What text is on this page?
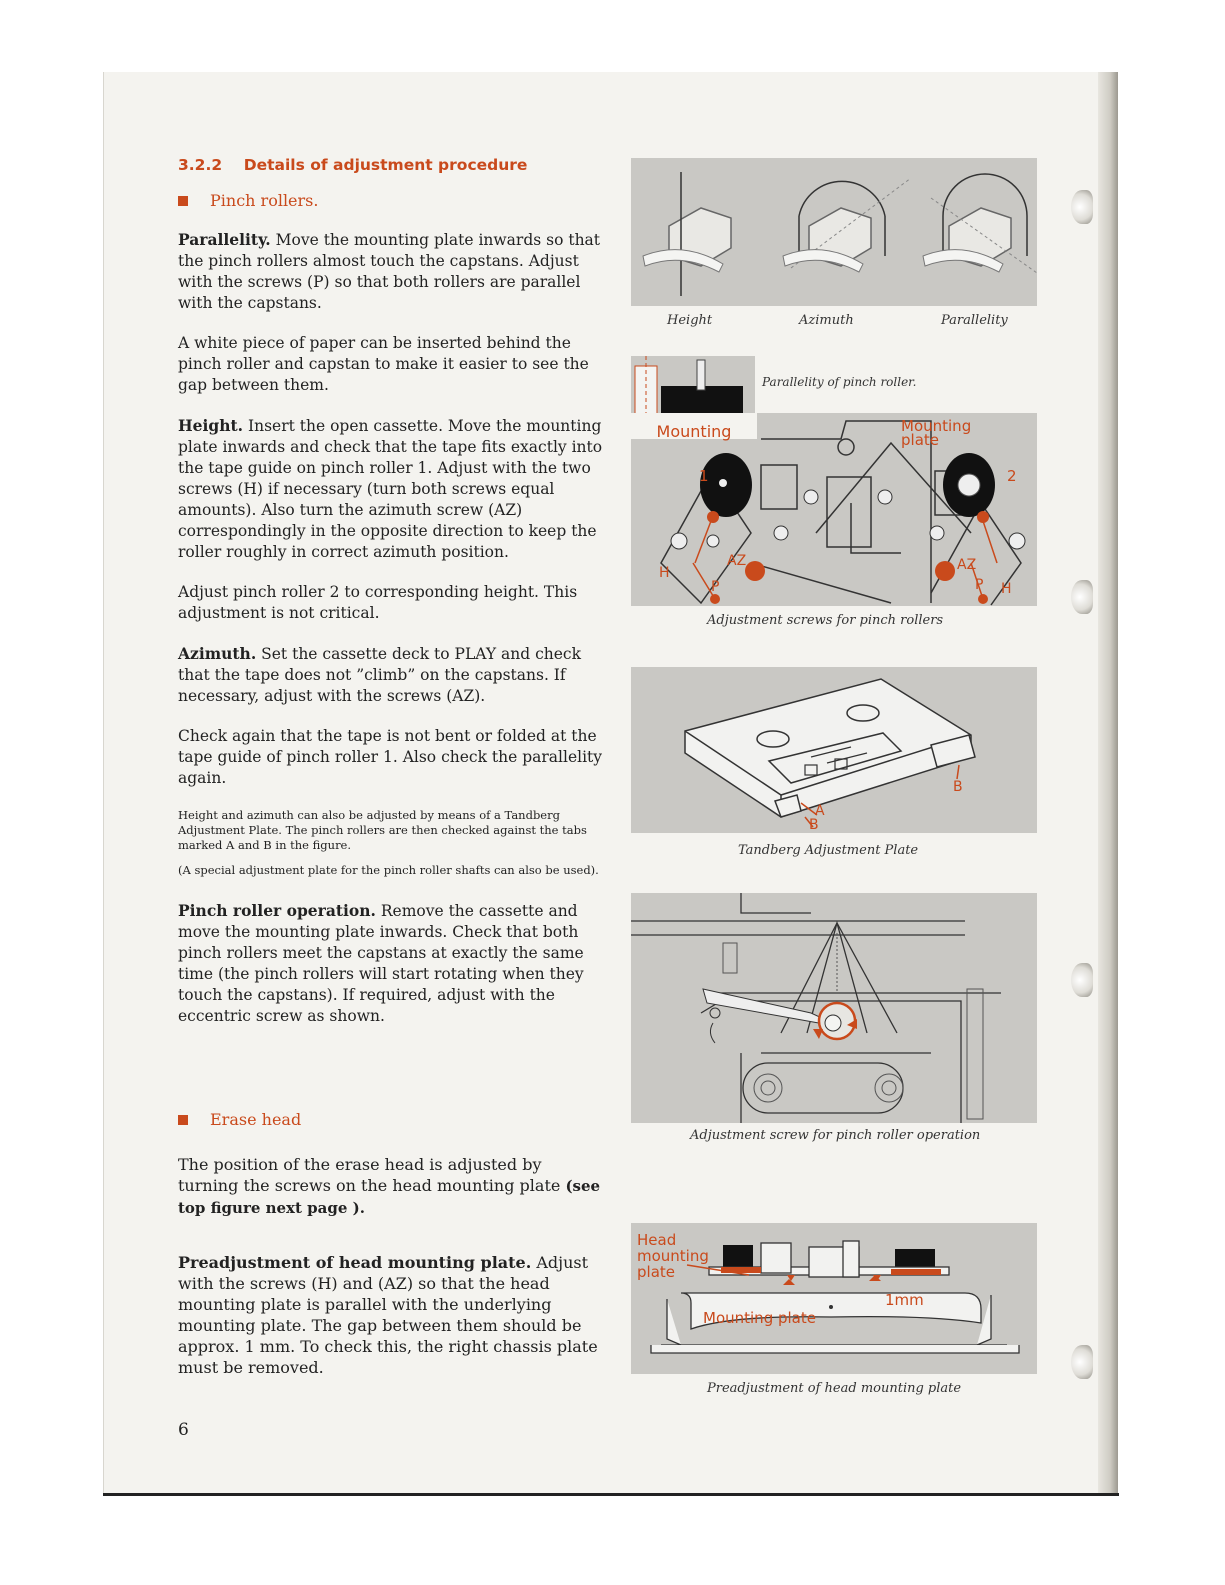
3.2.2 Details of adjustment procedure
Pinch rollers.

Parallelity. Move the mounting plate inwards so that the pinch rollers almost touch the capstans. Adjust with the screws (P) so that both rollers are parallel with the capstans.

A white piece of paper can be inserted behind the pinch roller and capstan to make it easier to see the gap between them.

Height. Insert the open cassette. Move the mounting plate inwards and check that the tape fits exactly into the tape guide on pinch roller 1. Adjust with the two screws (H) if necessary (turn both screws equal amounts). Also turn the azimuth screw (AZ) correspondingly in the opposite direction to keep the roller roughly in correct azimuth position.

Adjust pinch roller 2 to corresponding height. This adjustment is not critical.

Azimuth. Set the cassette deck to PLAY and check that the tape does not ”climb” on the capstans. If necessary, adjust with the screws (AZ).

Check again that the tape is not bent or folded at the tape guide of pinch roller 1. Also check the parallelity again.

Height and azimuth can also be adjusted by means of a Tandberg Adjustment Plate. The pinch rollers are then checked against the tabs marked A and B in the figure.

(A special adjustment plate for the pinch roller shafts can also be used).

Pinch roller operation. Remove the cassette and move the mounting plate inwards. Check that both pinch rollers meet the capstans at exactly the same time (the pinch rollers will start rotating when they touch the capstans). If required, adjust with the eccentric screw as shown.

Erase head

The position of the erase head is adjusted by turning the screws on the head mounting plate (see top figure next page ).

Preadjustment of head mounting plate. Adjust with the screws (H) and (AZ) so that the head mounting plate is parallel with the underlying mounting plate. The gap between them should be approx. 1 mm. To check this, the right chassis plate must be removed.

6
Height	Azimuth	Parallelity
Parallelity of pinch roller.
Mounting	Mounting
plate
1	2
AZ	AZ
H
H
P	P
Adjustment screws for pinch rollers
A
B
B
Tandberg Adjustment Plate
Adjustment screw for pinch roller operation
Head
mounting
plate
1mm
Mounting plate
Preadjustment of head mounting plate
